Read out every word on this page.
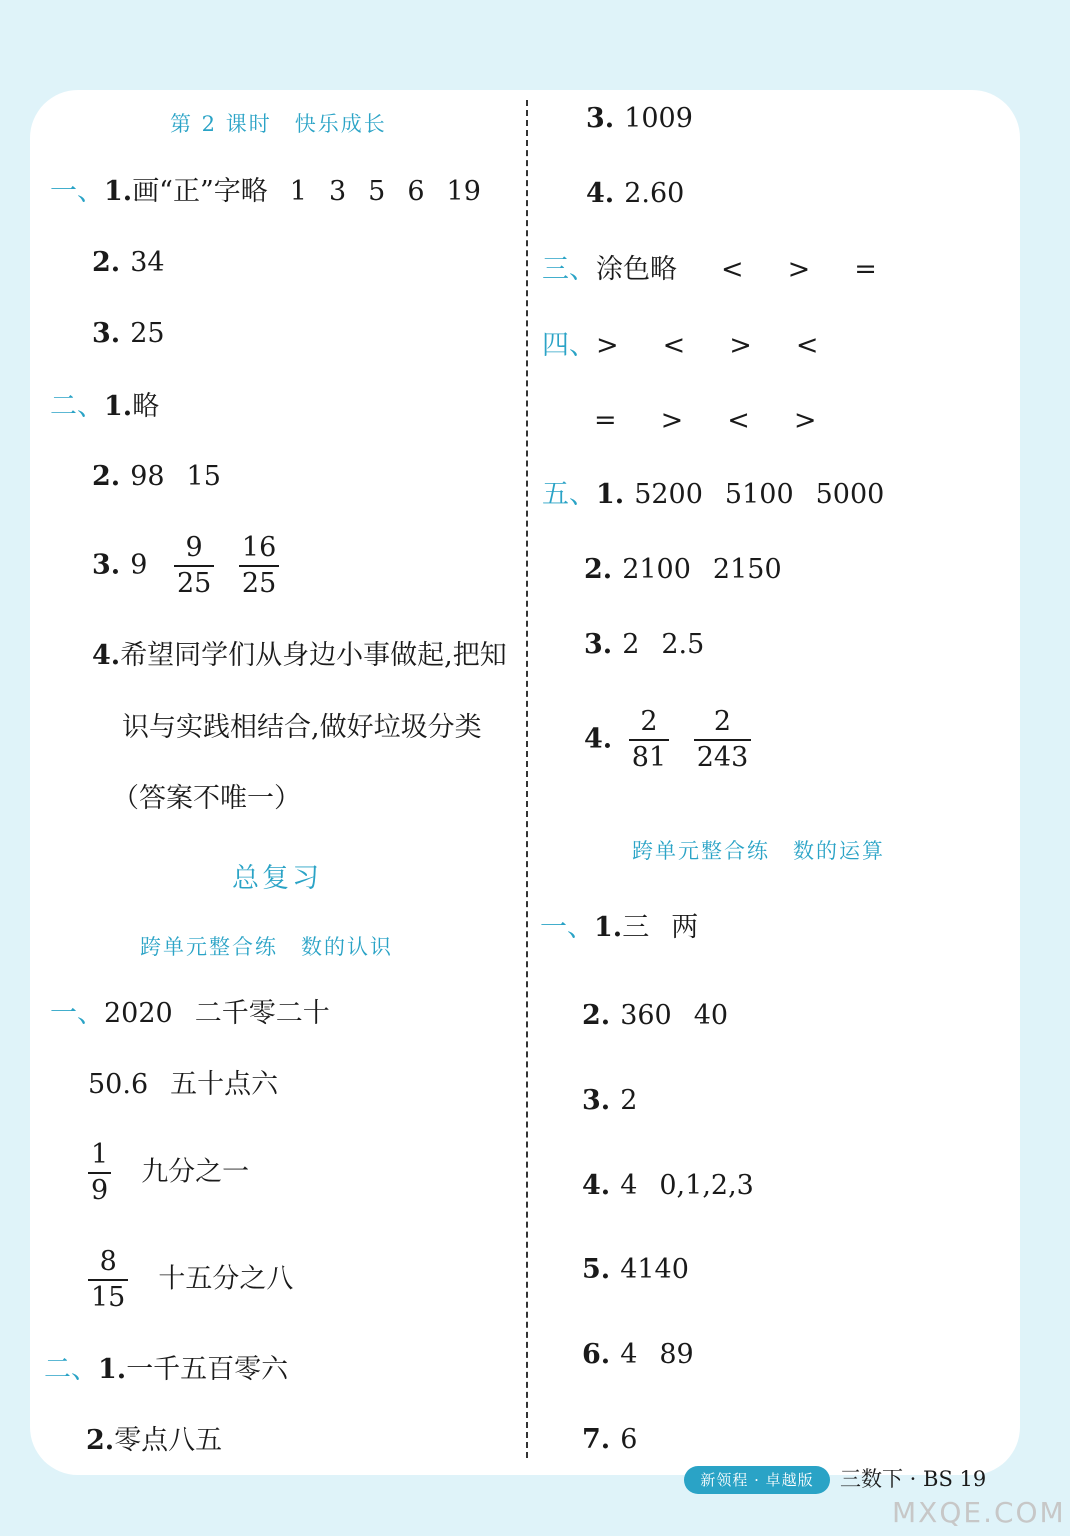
第 2 课时　快乐成长
一、1.画“正”字略 1 3 5 6 19
2. 34
3. 25
二、1.略
2. 98 15
3. $9 \frac{9}{25}$
$\frac{16}{25}$
4.希望同学们从身边小事做起,把知
识与实践相结合,做好垃圾分类
（答案不唯一）
总复习
跨单元整合练　数的认识
一、2020 二千零二十
50.6 五十点六
$\frac{1}{9}$ 九分之一
$\frac{8}{15}$ 十五分之八
二、1.一千五百零六
2.零点八五
3. 1009
4. 2.60
三、涂色略 < > =
四、> < > <
= > < >
五、1. 5200 5100 5000
2. 2100 2150
3. 2 2.5
4. $\frac{2}{81}$
$\frac{2}{243}$
跨单元整合练　数的运算
一、1.三 两
2. 360 40
3. 2
4. 4 0,1,2,3
5. 4140
6. 4 89
7. 6
新领程 · 卓越版	三数下 · BS 19
MXQE.COM
